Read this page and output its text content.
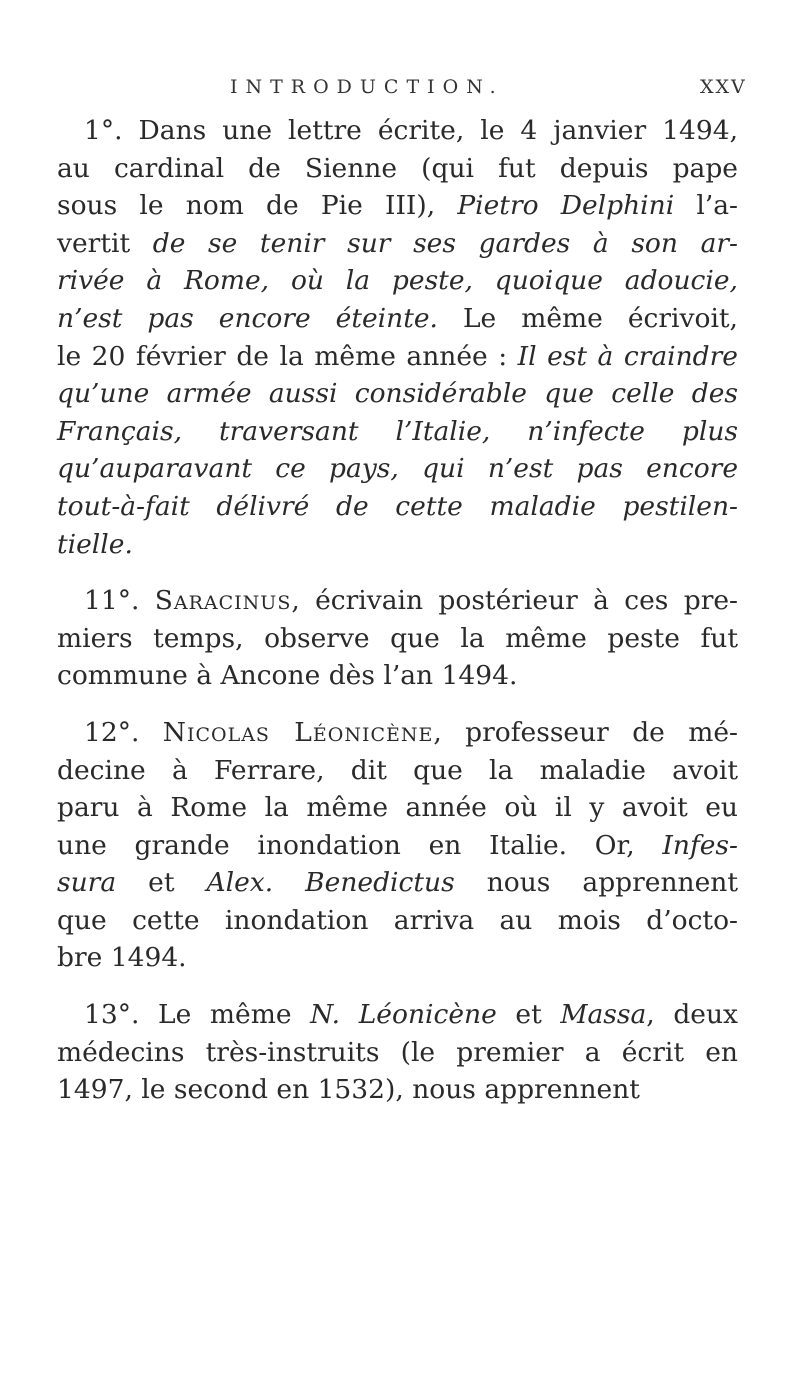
INTRODUCTION.	XXV
1°. Dans une lettre écrite, le 4 janvier 1494,
au cardinal de Sienne (qui fut depuis pape
sous le nom de Pie III), Pietro Delphini l’a-
vertit de se tenir sur ses gardes à son ar-
rivée à Rome, où la peste, quoique adoucie,
n’est pas encore éteinte. Le même écrivoit,
le 20 février de la même année : Il est à craindre
qu’une armée aussi considérable que celle des
Français, traversant l’Italie, n’infecte plus
qu’auparavant ce pays, qui n’est pas encore
tout-à-fait délivré de cette maladie pestilen-
tielle.
11°. Saracinus, écrivain postérieur à ces pre-
miers temps, observe que la même peste fut
commune à Ancone dès l’an 1494.
12°. Nicolas Léonicène, professeur de mé-
decine à Ferrare, dit que la maladie avoit
paru à Rome la même année où il y avoit eu
une grande inondation en Italie. Or, Infes-
sura et Alex. Benedictus nous apprennent
que cette inondation arriva au mois d’octo-
bre 1494.
13°. Le même N. Léonicène et Massa, deux
médecins très-instruits (le premier a écrit en
1497, le second en 1532), nous apprennent
